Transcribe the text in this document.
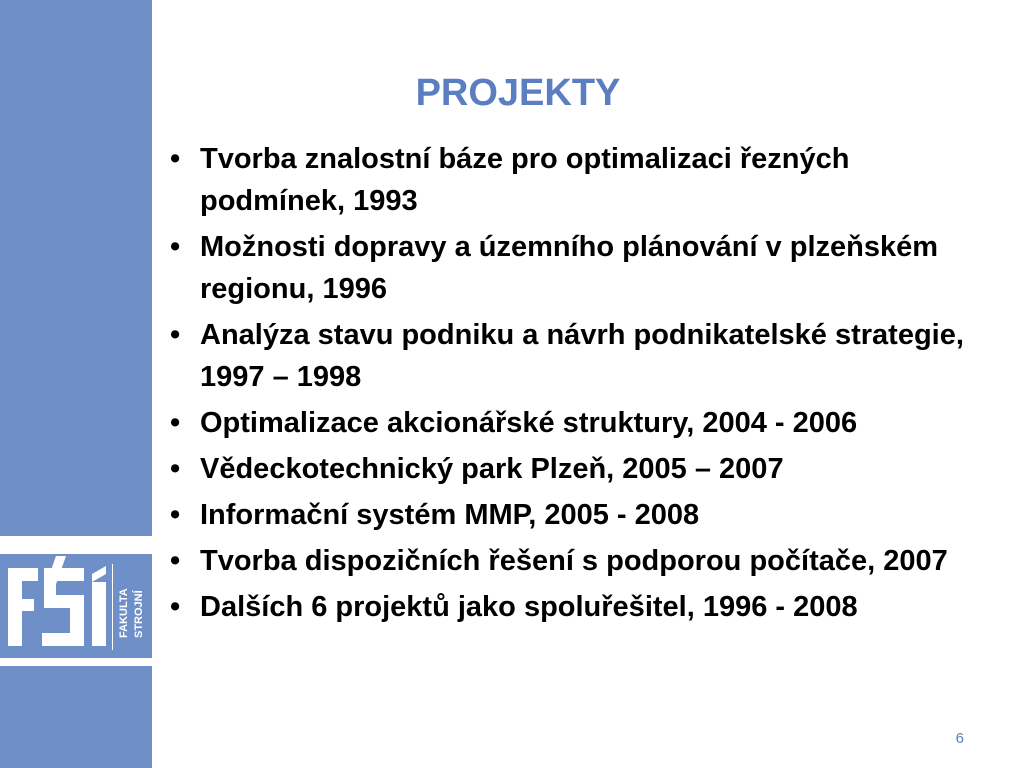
FAKULTA STROJNÍ
PROJEKTY
• Tvorba znalostní báze pro optimalizaci řezných podmínek, 1993
• Možnosti dopravy a územního plánování v plzeňském regionu, 1996
• Analýza stavu podniku a návrh podnikatelské strategie, 1997 – 1998
• Optimalizace akcionářské struktury, 2004 - 2006
• Vědeckotechnický park Plzeň, 2005 – 2007
• Informační systém MMP, 2005 - 2008
• Tvorba dispozičních řešení s podporou počítače, 2007
• Dalších 6 projektů jako spoluřešitel, 1996 - 2008
6
